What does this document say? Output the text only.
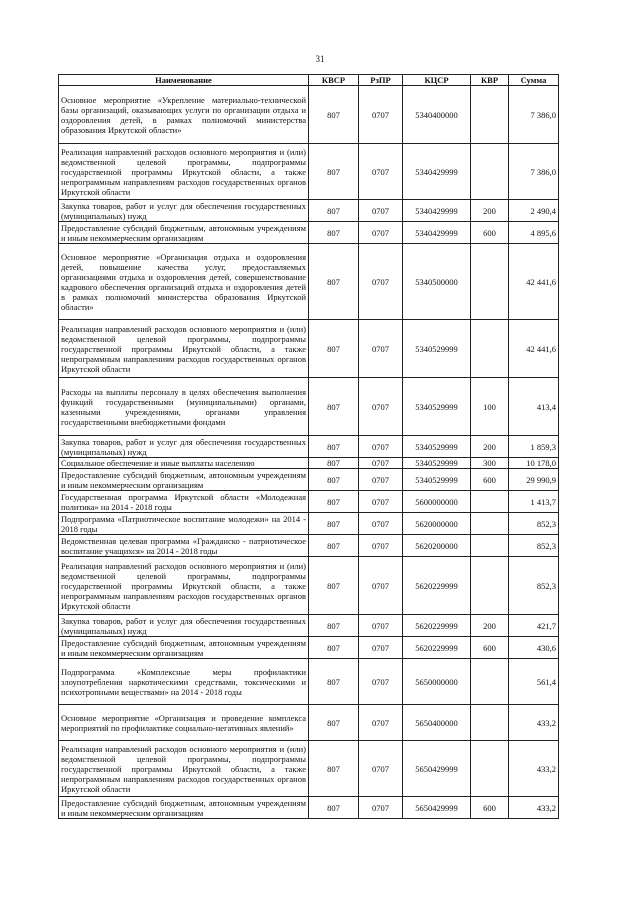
31
Наименование	КВСР	РзПР	КЦСР	КВР	Сумма
Основное мероприятие «Укрепление материально-технической базы организаций, оказывающих услуги по организации отдыха и оздоровления детей, в рамках полномочий министерства образования Иркутской области»	807	0707	5340400000		7 386,0
Реализация направлений расходов основного мероприятия и (или) ведомственной целевой программы, подпрограммы государственной программы Иркутской области, а также непрограммным направлениям расходов государственных органов Иркутской области	807	0707	5340429999		7 386,0
Закупка товаров, работ и услуг для обеспечения государственных (муниципальных) нужд	807	0707	5340429999	200	2 490,4
Предоставление субсидий бюджетным, автономным учреждениям и иным некоммерческим организациям	807	0707	5340429999	600	4 895,6
Основное мероприятие «Организация отдыха и оздоровления детей, повышение качества услуг, предоставляемых организациями отдыха и оздоровления детей, совершенствование кадрового обеспечения организаций отдыха и оздоровления детей в рамках полномочий министерства образования Иркутской области»	807	0707	5340500000		42 441,6
Реализация направлений расходов основного мероприятия и (или) ведомственной целевой программы, подпрограммы государственной программы Иркутской области, а также непрограммным направлениям расходов государственных органов Иркутской области	807	0707	5340529999		42 441,6
Расходы на выплаты персоналу в целях обеспечения выполнения функций государственными (муниципальными) органами, казенными учреждениями, органами управления государственными внебюджетными фондами	807	0707	5340529999	100	413,4
Закупка товаров, работ и услуг для обеспечения государственных (муниципальных) нужд	807	0707	5340529999	200	1 859,3
Социальное обеспечение и иные выплаты населению	807	0707	5340529999	300	10 178,0
Предоставление субсидий бюджетным, автономным учреждениям и иным некоммерческим организациям	807	0707	5340529999	600	29 990,9
Государственная программа Иркутской области «Молодежная политика» на 2014 - 2018 годы	807	0707	5600000000		1 413,7
Подпрограмма «Патриотическое воспитание молодежи» на 2014 - 2018 годы	807	0707	5620000000		852,3
Ведомственная целевая программа «Гражданско - патриотическое воспитание учащихся» на 2014 - 2018 годы	807	0707	5620200000		852,3
Реализация направлений расходов основного мероприятия и (или) ведомственной целевой программы, подпрограммы государственной программы Иркутской области, а также непрограммным направлениям расходов государственных органов Иркутской области	807	0707	5620229999		852,3
Закупка товаров, работ и услуг для обеспечения государственных (муниципальных) нужд	807	0707	5620229999	200	421,7
Предоставление субсидий бюджетным, автономным учреждениям и иным некоммерческим организациям	807	0707	5620229999	600	430,6
Подпрограмма «Комплексные меры профилактики злоупотребления наркотическими средствами, токсическими и психотропными веществами» на 2014 - 2018 годы	807	0707	5650000000		561,4
Основное мероприятие «Организация и проведение комплекса мероприятий по профилактике социально-негативных явлений»	807	0707	5650400000		433,2
Реализация направлений расходов основного мероприятия и (или) ведомственной целевой программы, подпрограммы государственной программы Иркутской области, а также непрограммным направлениям расходов государственных органов Иркутской области	807	0707	5650429999		433,2
Предоставление субсидий бюджетным, автономным учреждениям и иным некоммерческим организациям	807	0707	5650429999	600	433,2
